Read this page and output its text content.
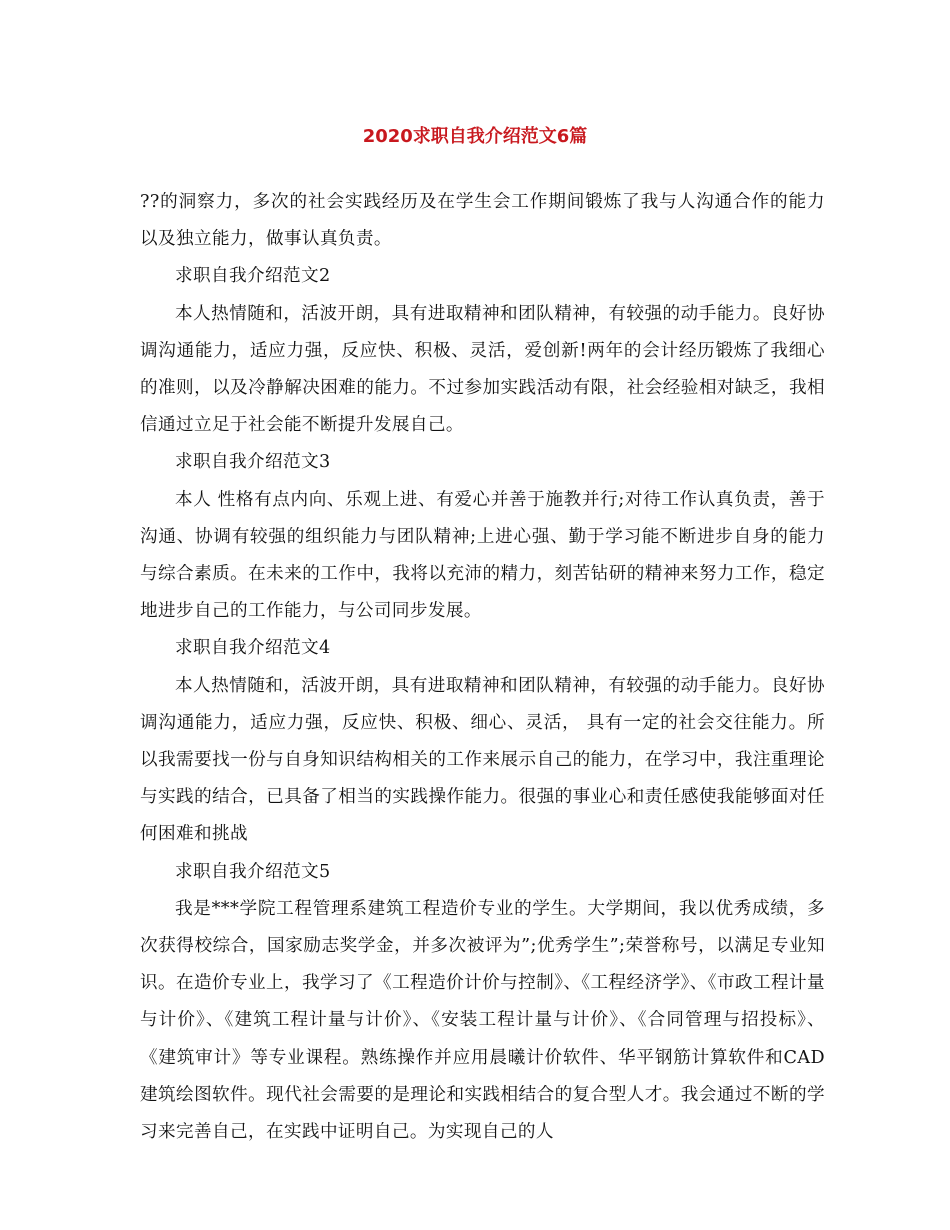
2020求职自我介绍范文6篇

??的洞察力，多次的社会实践经历及在学生会工作期间锻炼了我与人沟通合作的能力以及独立能力，做事认真负责。

求职自我介绍范文2

本人热情随和，活波开朗，具有进取精神和团队精神，有较强的动手能力。良好协调沟通能力，适应力强，反应快、积极、灵活，爱创新!两年的会计经历锻炼了我细心的准则，以及冷静解决困难的能力。不过参加实践活动有限，社会经验相对缺乏，我相信通过立足于社会能不断提升发展自己。

求职自我介绍范文3

本人 性格有点内向、乐观上进、有爱心并善于施教并行;对待工作认真负责，善于沟通、协调有较强的组织能力与团队精神;上进心强、勤于学习能不断进步自身的能力与综合素质。在未来的工作中，我将以充沛的精力，刻苦钻研的精神来努力工作，稳定地进步自己的工作能力，与公司同步发展。

求职自我介绍范文4

本人热情随和，活波开朗，具有进取精神和团队精神，有较强的动手能力。良好协调沟通能力，适应力强，反应快、积极、细心、灵活， 具有一定的社会交往能力。所以我需要找一份与自身知识结构相关的工作来展示自己的能力，在学习中，我注重理论与实践的结合，已具备了相当的实践操作能力。很强的事业心和责任感使我能够面对任何困难和挑战

求职自我介绍范文5

我是***学院工程管理系建筑工程造价专业的学生。大学期间，我以优秀成绩，多次获得校综合，国家励志奖学金，并多次被评为”;优秀学生”;荣誉称号，以满足专业知识。在造价专业上，我学习了《工程造价计价与控制》、《工程经济学》、《市政工程计量与计价》、《建筑工程计量与计价》、《安装工程计量与计价》、《合同管理与招投标》、《建筑审计》等专业课程。熟练操作并应用晨曦计价软件、华平钢筋计算软件和CAD建筑绘图软件。现代社会需要的是理论和实践相结合的复合型人才。我会通过不断的学习来完善自己，在实践中证明自己。为实现自己的人
